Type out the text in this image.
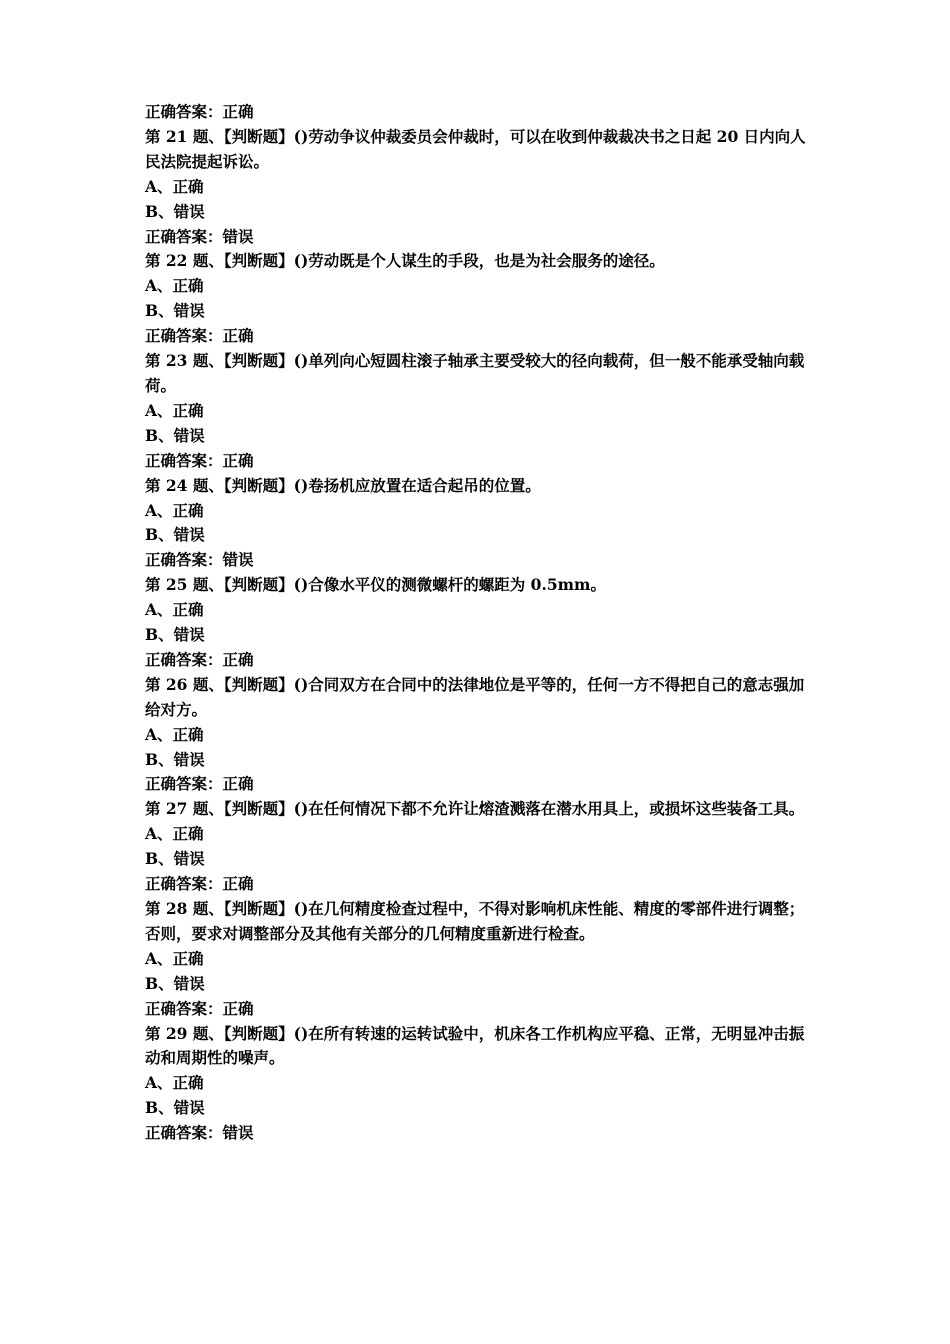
正确答案：正确

第 21 题、【判断题】()劳动争议仲裁委员会仲裁时，可以在收到仲裁裁决书之日起 20 日内向人民法院提起诉讼。

A、正确

B、错误

正确答案：错误

第 22 题、【判断题】()劳动既是个人谋生的手段，也是为社会服务的途径。

A、正确

B、错误

正确答案：正确

第 23 题、【判断题】()单列向心短圆柱滚子轴承主要受较大的径向载荷，但一般不能承受轴向载荷。

A、正确

B、错误

正确答案：正确

第 24 题、【判断题】()卷扬机应放置在适合起吊的位置。

A、正确

B、错误

正确答案：错误

第 25 题、【判断题】()合像水平仪的测微螺杆的螺距为 0.5mm。

A、正确

B、错误

正确答案：正确

第 26 题、【判断题】()合同双方在合同中的法律地位是平等的，任何一方不得把自己的意志强加给对方。

A、正确

B、错误

正确答案：正确

第 27 题、【判断题】()在任何情况下都不允许让熔渣溅落在潜水用具上，或损坏这些装备工具。

A、正确

B、错误

正确答案：正确

第 28 题、【判断题】()在几何精度检查过程中，不得对影响机床性能、精度的零部件进行调整；否则，要求对调整部分及其他有关部分的几何精度重新进行检查。

A、正确

B、错误

正确答案：正确

第 29 题、【判断题】()在所有转速的运转试验中，机床各工作机构应平稳、正常，无明显冲击振动和周期性的噪声。

A、正确

B、错误

正确答案：错误
